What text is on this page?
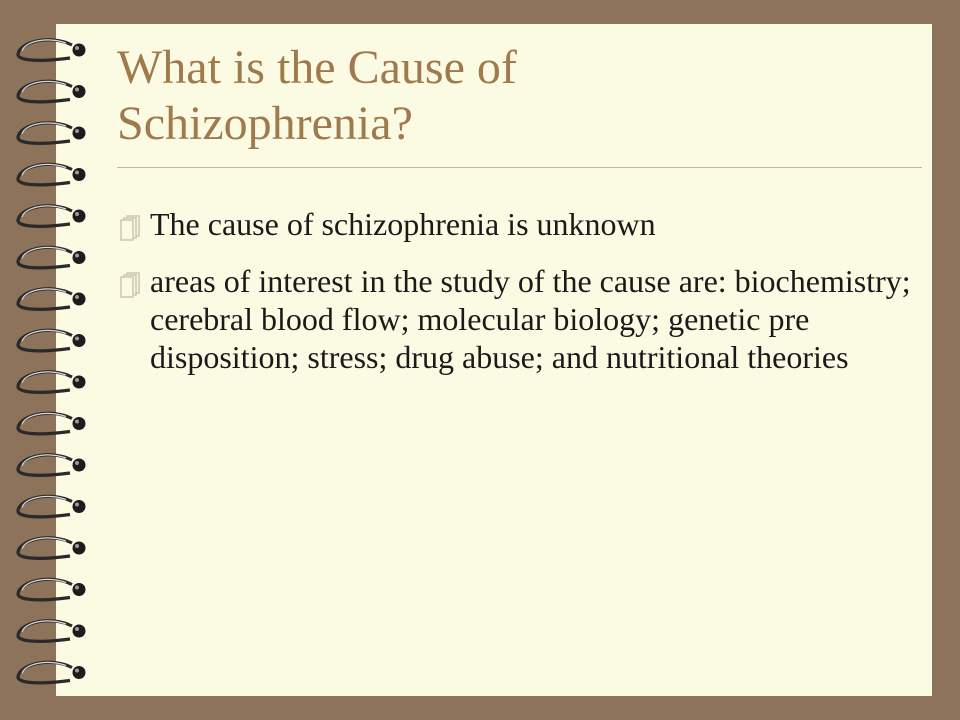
What is the Cause of Schizophrenia?
The cause of schizophrenia is unknown
areas of interest in the study of the cause are: biochemistry; cerebral blood flow; molecular biology; genetic pre disposition; stress; drug abuse; and nutritional theories
